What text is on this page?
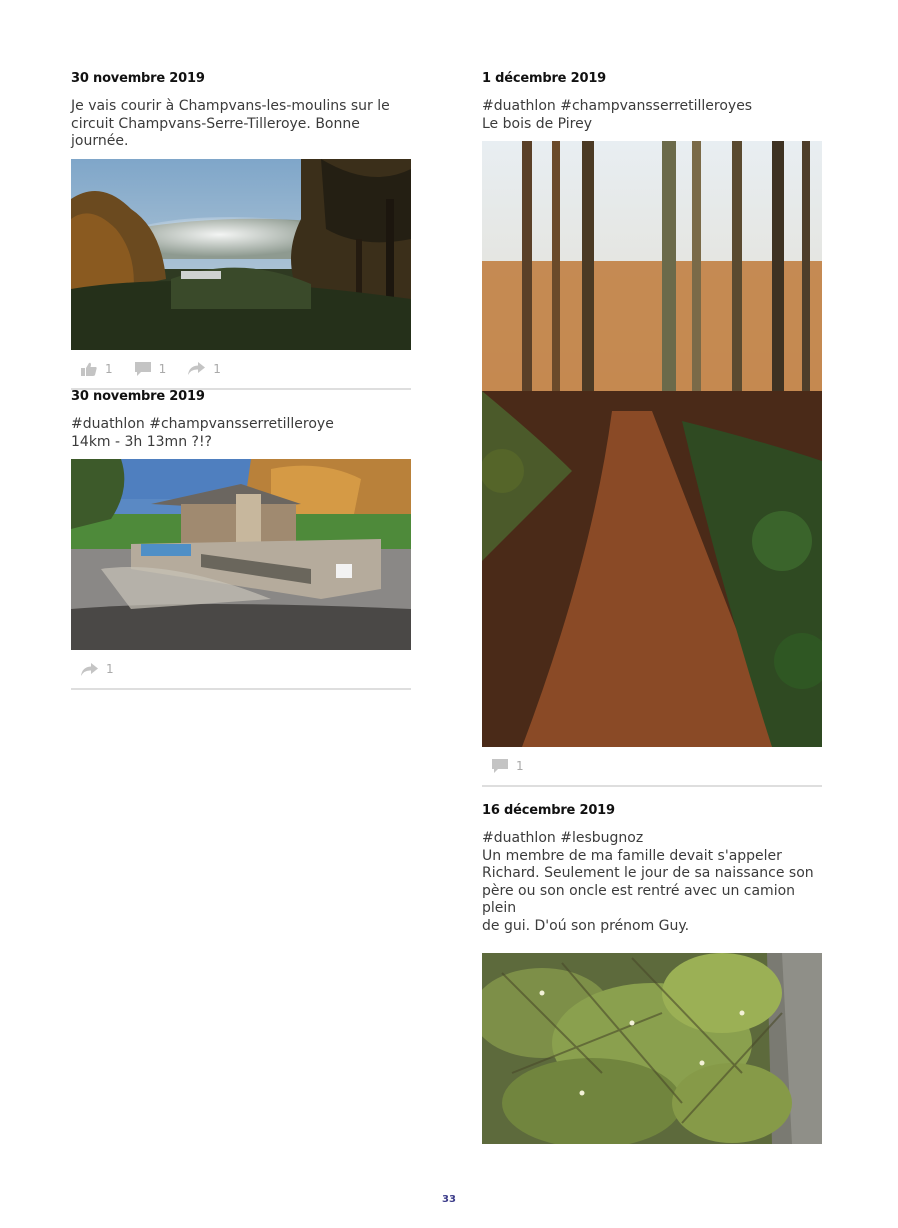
30 novembre 2019
Je vais courir à Champvans-les-moulins sur le
circuit Champvans-Serre-Tilleroye. Bonne journée.
1	1	1
30 novembre 2019
#duathlon #champvansserretilleroye
14km - 3h 13mn ?!?
1
1 décembre 2019
#duathlon #champvansserretilleroyes
Le bois de Pirey
1
16 décembre 2019
#duathlon #lesbugnoz
Un membre de ma famille devait s'appeler
Richard. Seulement le jour de sa naissance son
père ou son oncle est rentré avec un camion plein
de gui. D'oú son prénom Guy.
33
